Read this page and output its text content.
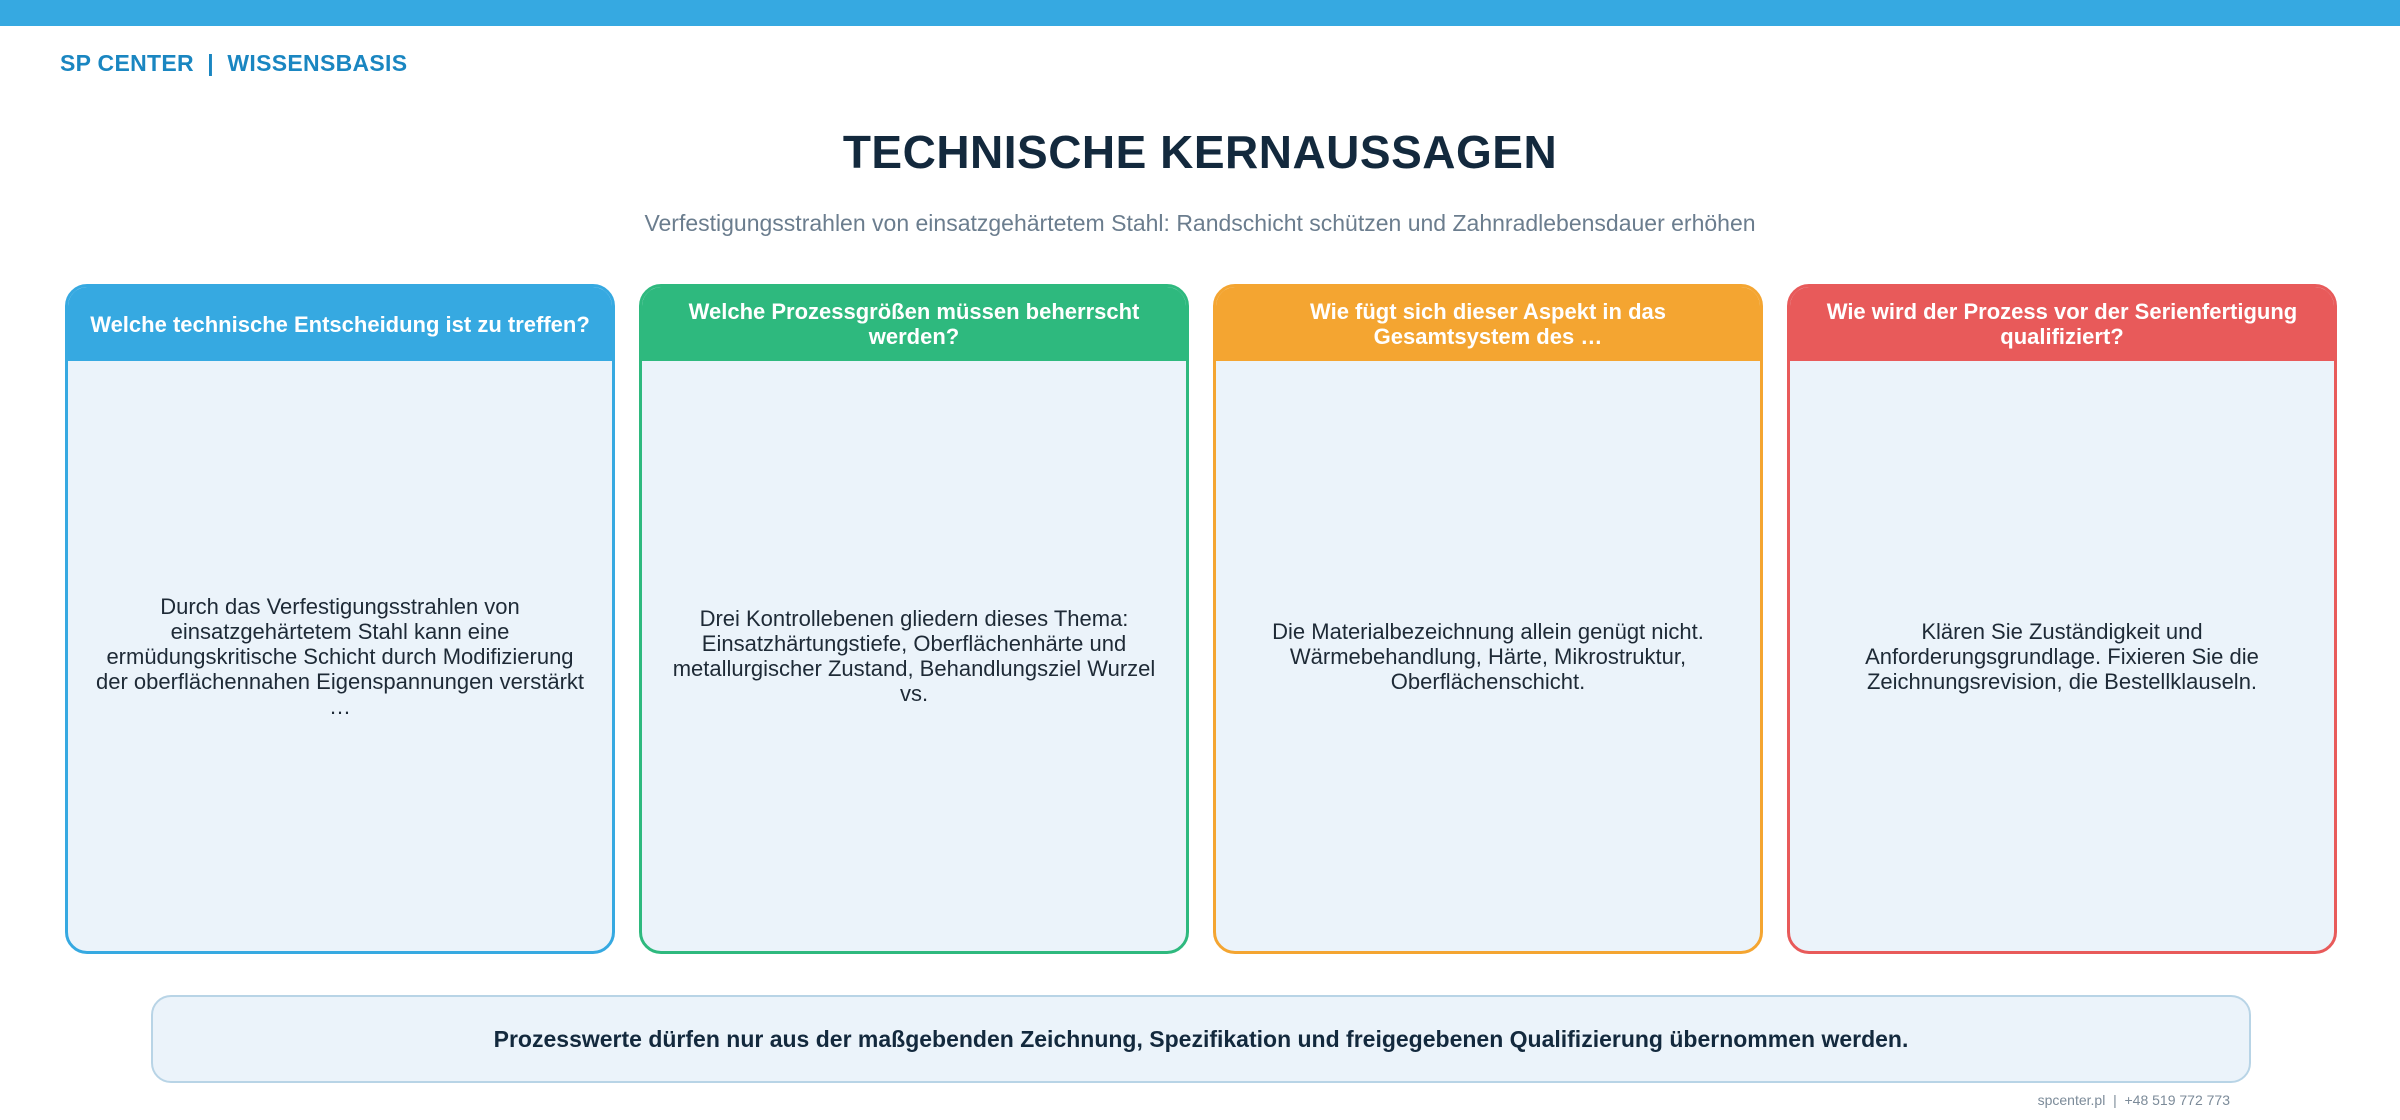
SP CENTER  |  WISSENSBASIS
TECHNISCHE KERNAUSSAGEN
Verfestigungsstrahlen von einsatzgehärtetem Stahl: Randschicht schützen und Zahnradlebensdauer erhöhen
Welche technische Entscheidung ist zu treffen?
Durch das Verfestigungsstrahlen von einsatzgehärtetem Stahl kann eine ermüdungskritische Schicht durch Modifizierung der oberflächennahen Eigenspannungen verstärkt …
Welche Prozessgrößen müssen beherrscht werden?
Drei Kontrollebenen gliedern dieses Thema: Einsatzhärtungstiefe, Oberflächenhärte und metallurgischer Zustand, Behandlungsziel Wurzel vs.
Wie fügt sich dieser Aspekt in das Gesamtsystem des …
Die Materialbezeichnung allein genügt nicht. Wärmebehandlung, Härte, Mikrostruktur, Oberflächenschicht.
Wie wird der Prozess vor der Serienfertigung qualifiziert?
Klären Sie Zuständigkeit und Anforderungsgrundlage. Fixieren Sie die Zeichnungsrevision, die Bestellklauseln.
Prozesswerte dürfen nur aus der maßgebenden Zeichnung, Spezifikation und freigegebenen Qualifizierung übernommen werden.
spcenter.pl  |  +48 519 772 773
